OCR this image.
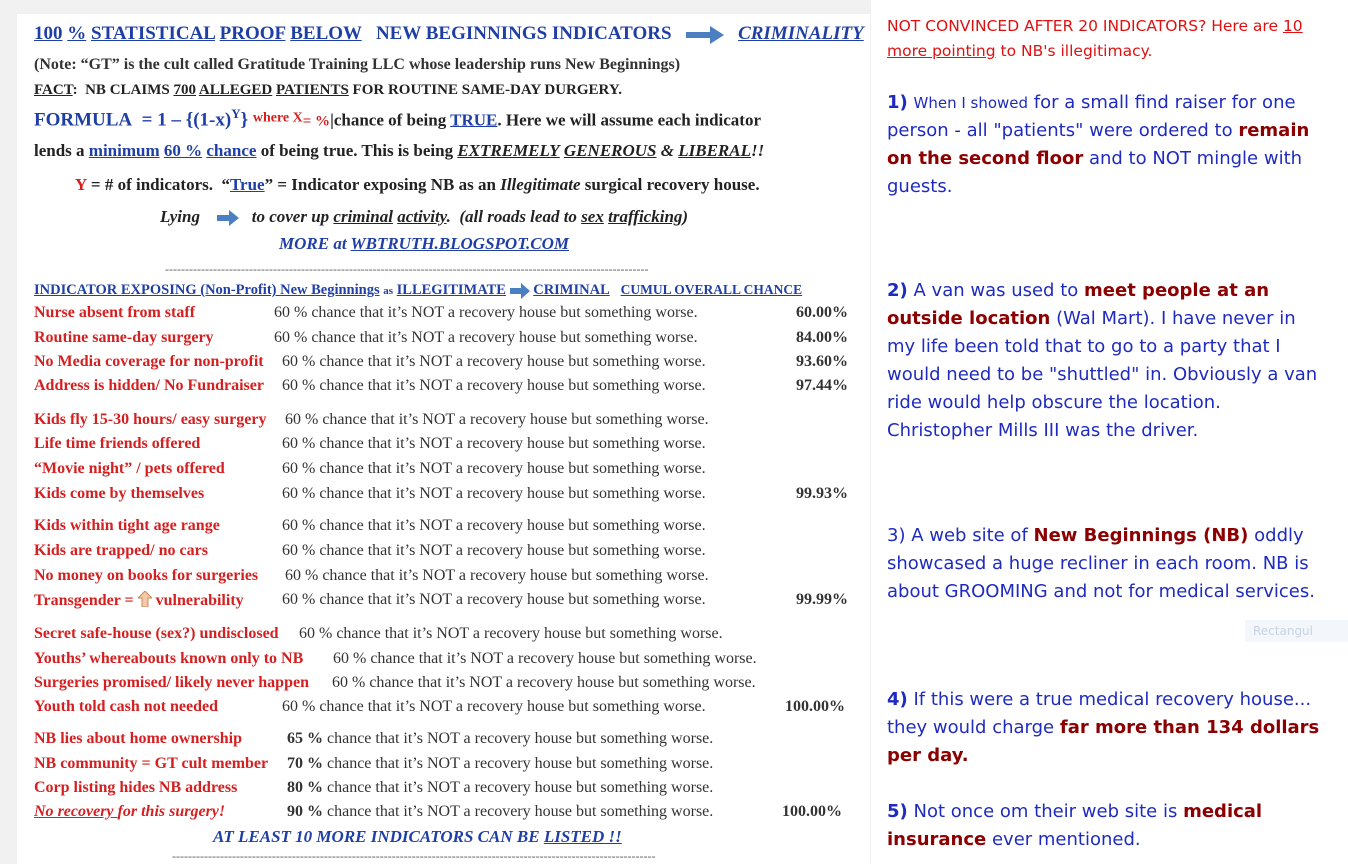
100 % STATISTICAL PROOF BELOW NEW BEGINNINGS INDICATORS	CRIMINALITY
(Note: “GT” is the cult called Gratitude Training LLC whose leadership runs New Beginnings)
FACT:  NB CLAIMS 700 ALLEGED PATIENTS FOR ROUTINE SAME-DAY DURGERY.
FORMULA = $1 - \{(1-x)^Y\}$ $^{where X}$= %|chance of being TRUE. Here we will assume each indicator
lends a minimum 60 % chance of being true. This is being EXTREMELY GENEROUS & LIBERAL!!
Y = # of indicators.  “True” = Indicator exposing NB as an Illegitimate surgical recovery house.
Lying	to cover up criminal activity.  (all roads lead to sex trafficking)
MORE at WBTRUTH.BLOGSPOT.COM
-------------------------------------------------------------------------------------------------------------------------
INDICATOR EXPOSING (Non-Profit) New Beginnings as ILLEGITIMATE CRIMINAL CUMUL OVERALL CHANCE
Nurse absent from staff	60 % chance that it’s NOT a recovery house but something worse.	60.00%
Routine same-day surgery	60 % chance that it’s NOT a recovery house but something worse.	84.00%
No Media coverage for non-profit 60 % chance that it’s NOT a recovery house but something worse.	93.60%
Address is hidden/ No Fundraiser 60 % chance that it’s NOT a recovery house but something worse.	97.44%
Kids fly 15-30 hours/ easy surgery 60 % chance that it’s NOT a recovery house but something worse.
Life time friends offered	60 % chance that it’s NOT a recovery house but something worse.
“Movie night” / pets offered	60 % chance that it’s NOT a recovery house but something worse.
Kids come by themselves	60 % chance that it’s NOT a recovery house but something worse.	99.93%
Kids within tight age range	60 % chance that it’s NOT a recovery house but something worse.
Kids are trapped/ no cars	60 % chance that it’s NOT a recovery house but something worse.
No money on books for surgeries 60 % chance that it’s NOT a recovery house but something worse.
Transgender = vulnerability 60 % chance that it’s NOT a recovery house but something worse.	99.99%
Secret safe-house (sex?) undisclosed 60 % chance that it’s NOT a recovery house but something worse.
Youths’ whereabouts known only to NB 60 % chance that it’s NOT a recovery house but something worse.
Surgeries promised/ likely never happen 60 % chance that it’s NOT a recovery house but something worse.
Youth told cash not needed	60 % chance that it’s NOT a recovery house but something worse.	100.00%
NB lies about home ownership	65 % chance that it’s NOT a recovery house but something worse.
NB community = GT cult member 70 % chance that it’s NOT a recovery house but something worse.
Corp listing hides NB address	80 % chance that it’s NOT a recovery house but something worse.
No recovery for this surgery!	90 % chance that it’s NOT a recovery house but something worse.	100.00%
AT LEAST 10 MORE INDICATORS CAN BE LISTED !!
-------------------------------------------------------------------------------------------------------------------------
NOT CONVINCED AFTER 20 INDICATORS? Here are 10 more pointing to NB's illegitimacy.
1) When I showed for a small find raiser for one person - all "patients" were ordered to remain on the second floor and to NOT mingle with guests.
2) A van was used to meet people at an outside location (Wal Mart). I have never in my life been told that to go to a party that I would need to be "shuttled" in. Obviously a van ride would help obscure the location. Christopher Mills III was the driver.
3) A web site of New Beginnings (NB) oddly showcased a huge recliner in each room. NB is about GROOMING and not for medical services.
Rectangul
4) If this were a true medical recovery house... they would charge far more than 134 dollars per day.
5) Not once om their web site is medical insurance ever mentioned.
